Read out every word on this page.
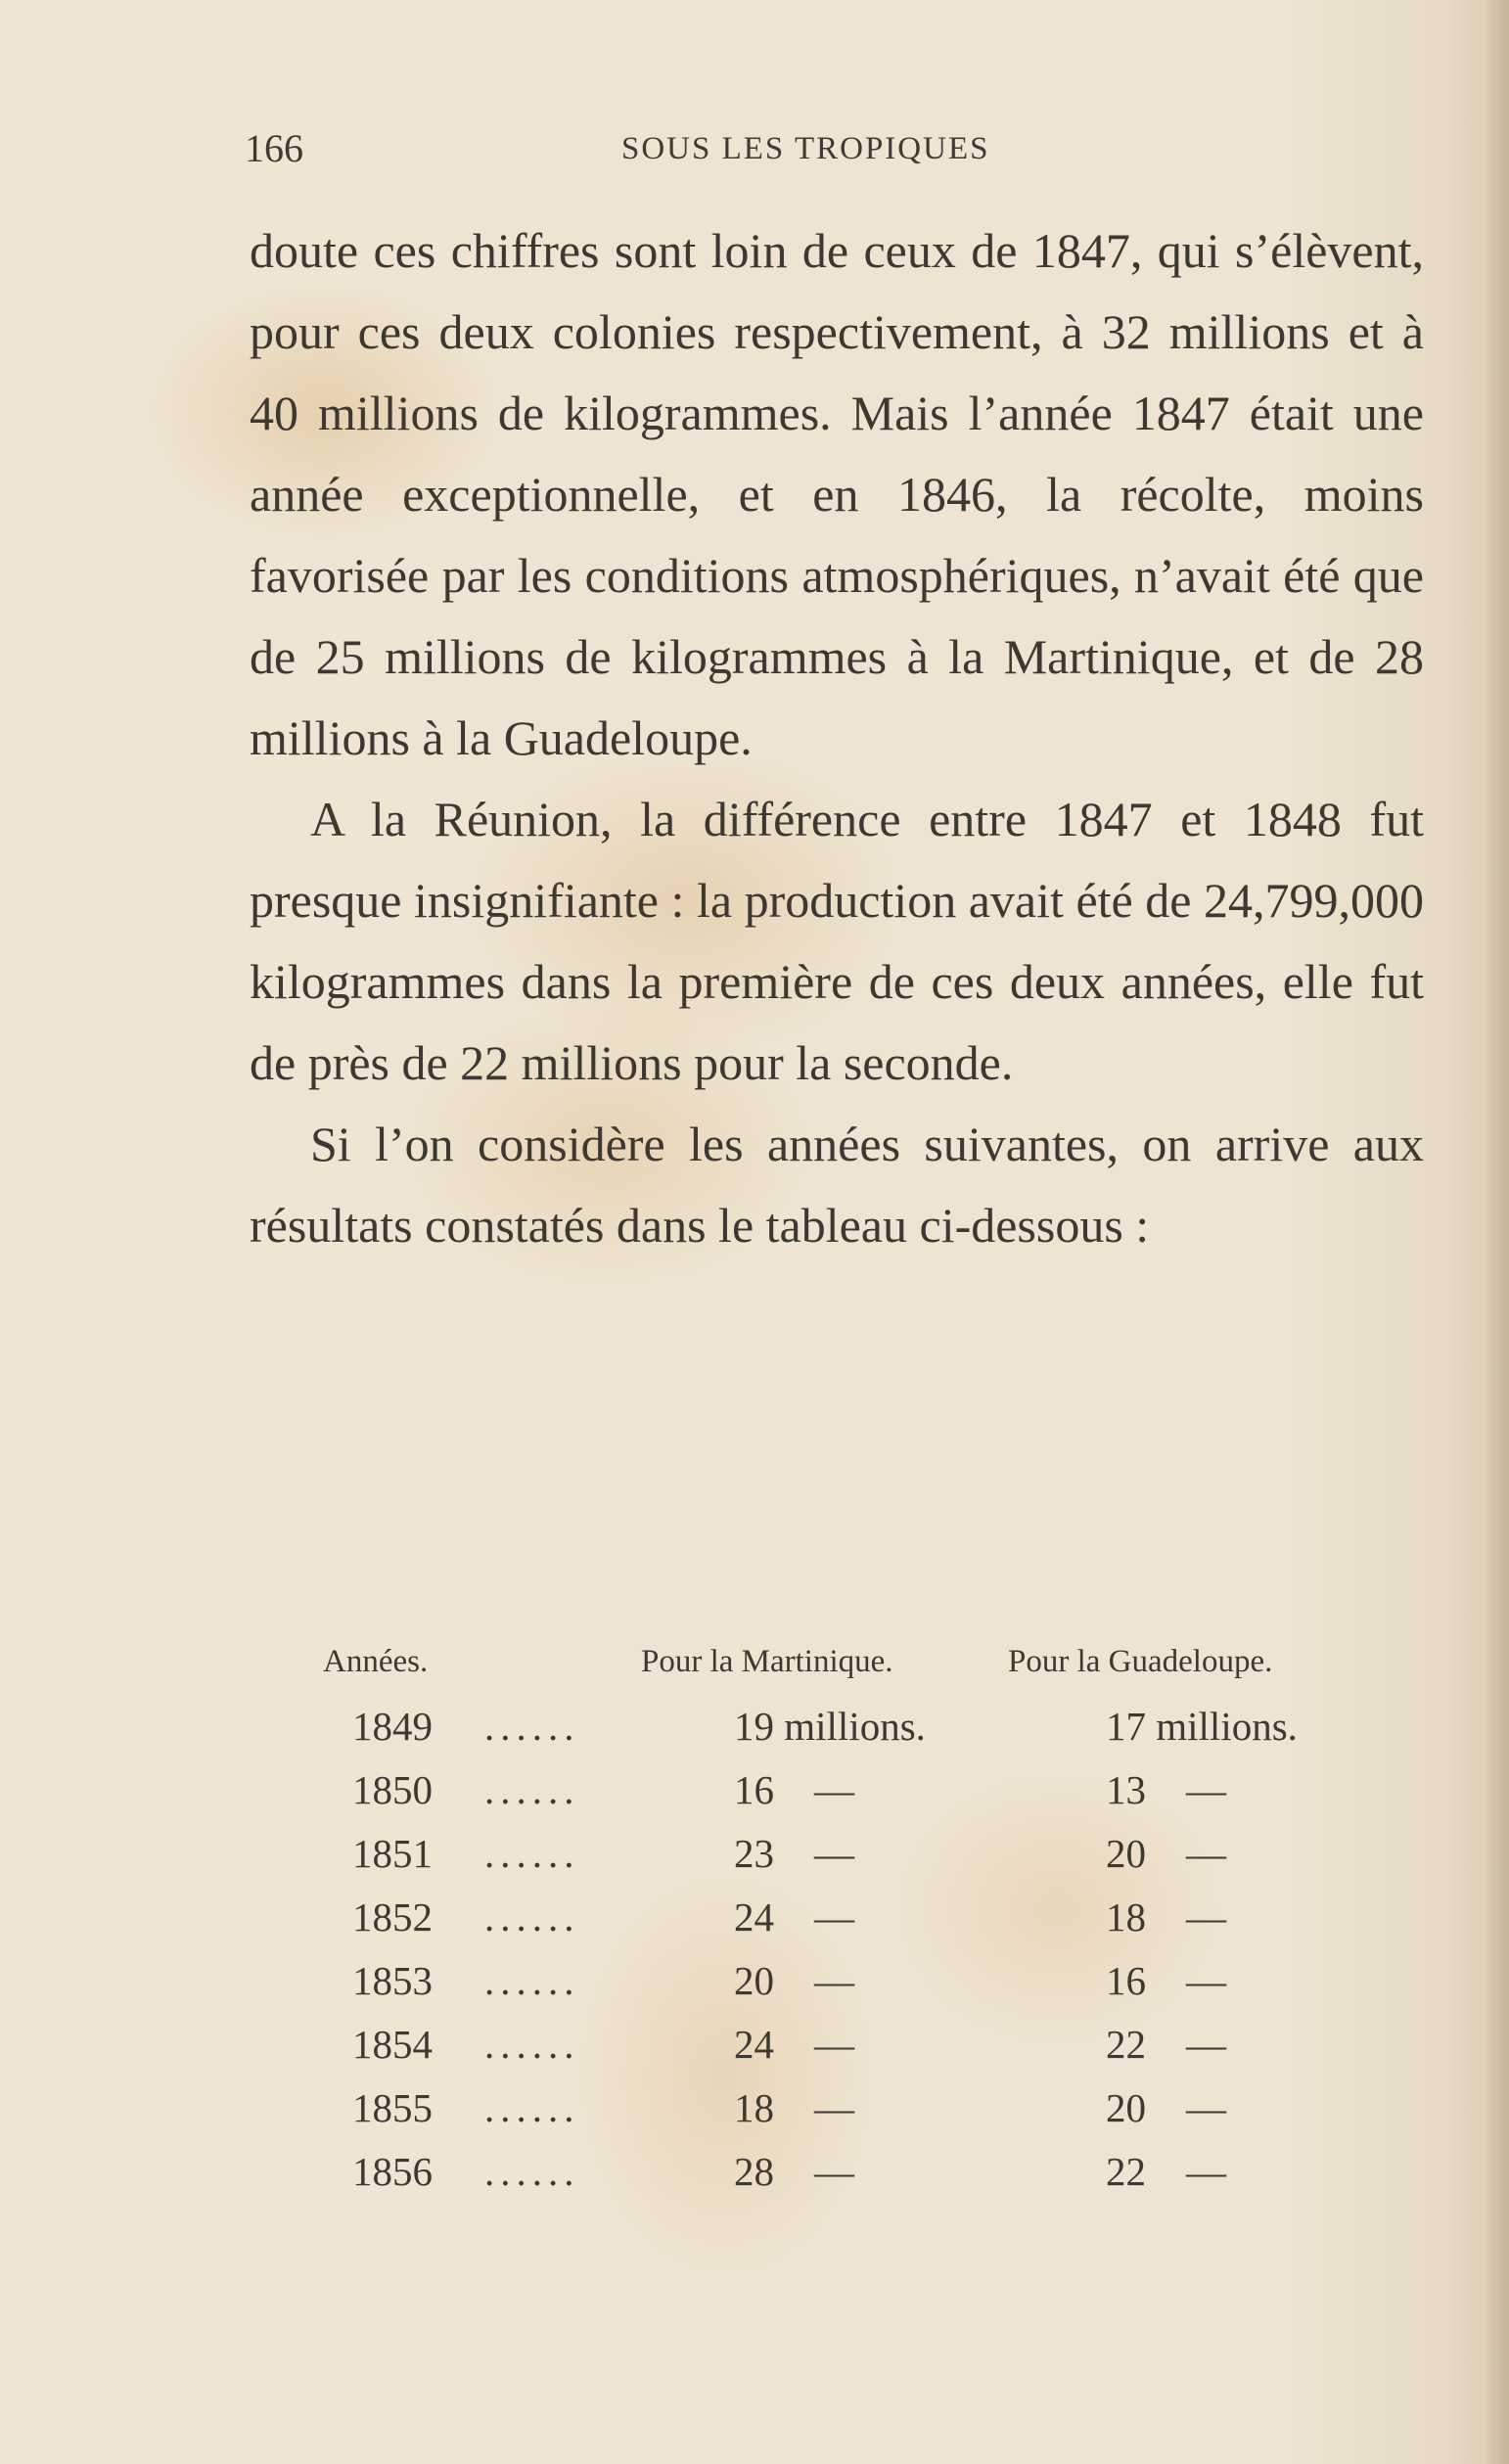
166	SOUS LES TROPIQUES

doute ces chiffres sont loin de ceux de 1847, qui s’élèvent, pour ces deux colonies respectivement, à 32 millions et à 40 millions de kilogrammes. Mais l’année 1847 était une année exceptionnelle, et en 1846, la récolte, moins favorisée par les conditions atmosphériques, n’avait été que de 25 millions de kilogrammes à la Martinique, et de 28 millions à la Guadeloupe.

A la Réunion, la différence entre 1847 et 1848 fut presque insignifiante : la production avait été de 24,799,000 kilogrammes dans la première de ces deux années, elle fut de près de 22 millions pour la seconde.

Si l’on considère les années suivantes, on arrive aux résultats constatés dans le tableau ci-dessous :

Années.	Pour la Martinique.	Pour la Guadeloupe.
1849 ......	19 millions.	17 millions.
1850 ......	16    —	13    —
1851 ......	23    —	20    —
1852 ......	24    —	18    —
1853 ......	20    —	16    —
1854 ......	24    —	22    —
1855 ......	18    —	20    —
1856 ......	28    —	22    —
